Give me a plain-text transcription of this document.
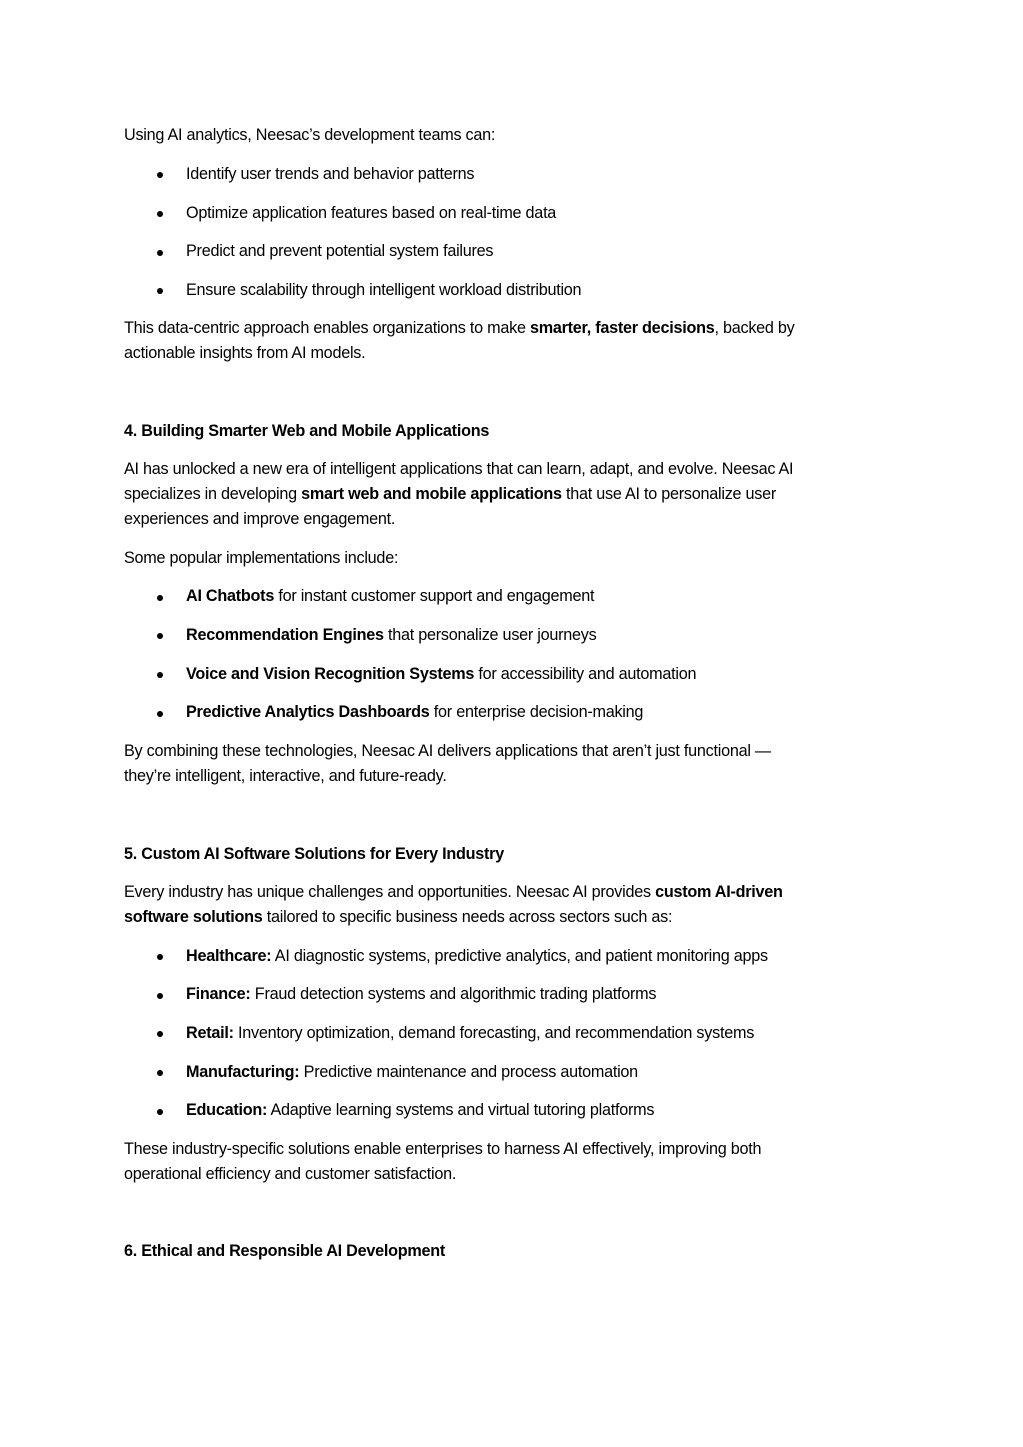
Using AI analytics, Neesac’s development teams can:
Identify user trends and behavior patterns
Optimize application features based on real-time data
Predict and prevent potential system failures
Ensure scalability through intelligent workload distribution
This data-centric approach enables organizations to make smarter, faster decisions, backed by
actionable insights from AI models.
4. Building Smarter Web and Mobile Applications
AI has unlocked a new era of intelligent applications that can learn, adapt, and evolve. Neesac AI
specializes in developing smart web and mobile applications that use AI to personalize user
experiences and improve engagement.
Some popular implementations include:
AI Chatbots for instant customer support and engagement
Recommendation Engines that personalize user journeys
Voice and Vision Recognition Systems for accessibility and automation
Predictive Analytics Dashboards for enterprise decision-making
By combining these technologies, Neesac AI delivers applications that aren’t just functional —
they’re intelligent, interactive, and future-ready.
5. Custom AI Software Solutions for Every Industry
Every industry has unique challenges and opportunities. Neesac AI provides custom AI-driven
software solutions tailored to specific business needs across sectors such as:
Healthcare: AI diagnostic systems, predictive analytics, and patient monitoring apps
Finance: Fraud detection systems and algorithmic trading platforms
Retail: Inventory optimization, demand forecasting, and recommendation systems
Manufacturing: Predictive maintenance and process automation
Education: Adaptive learning systems and virtual tutoring platforms
These industry-specific solutions enable enterprises to harness AI effectively, improving both
operational efficiency and customer satisfaction.
6. Ethical and Responsible AI Development
